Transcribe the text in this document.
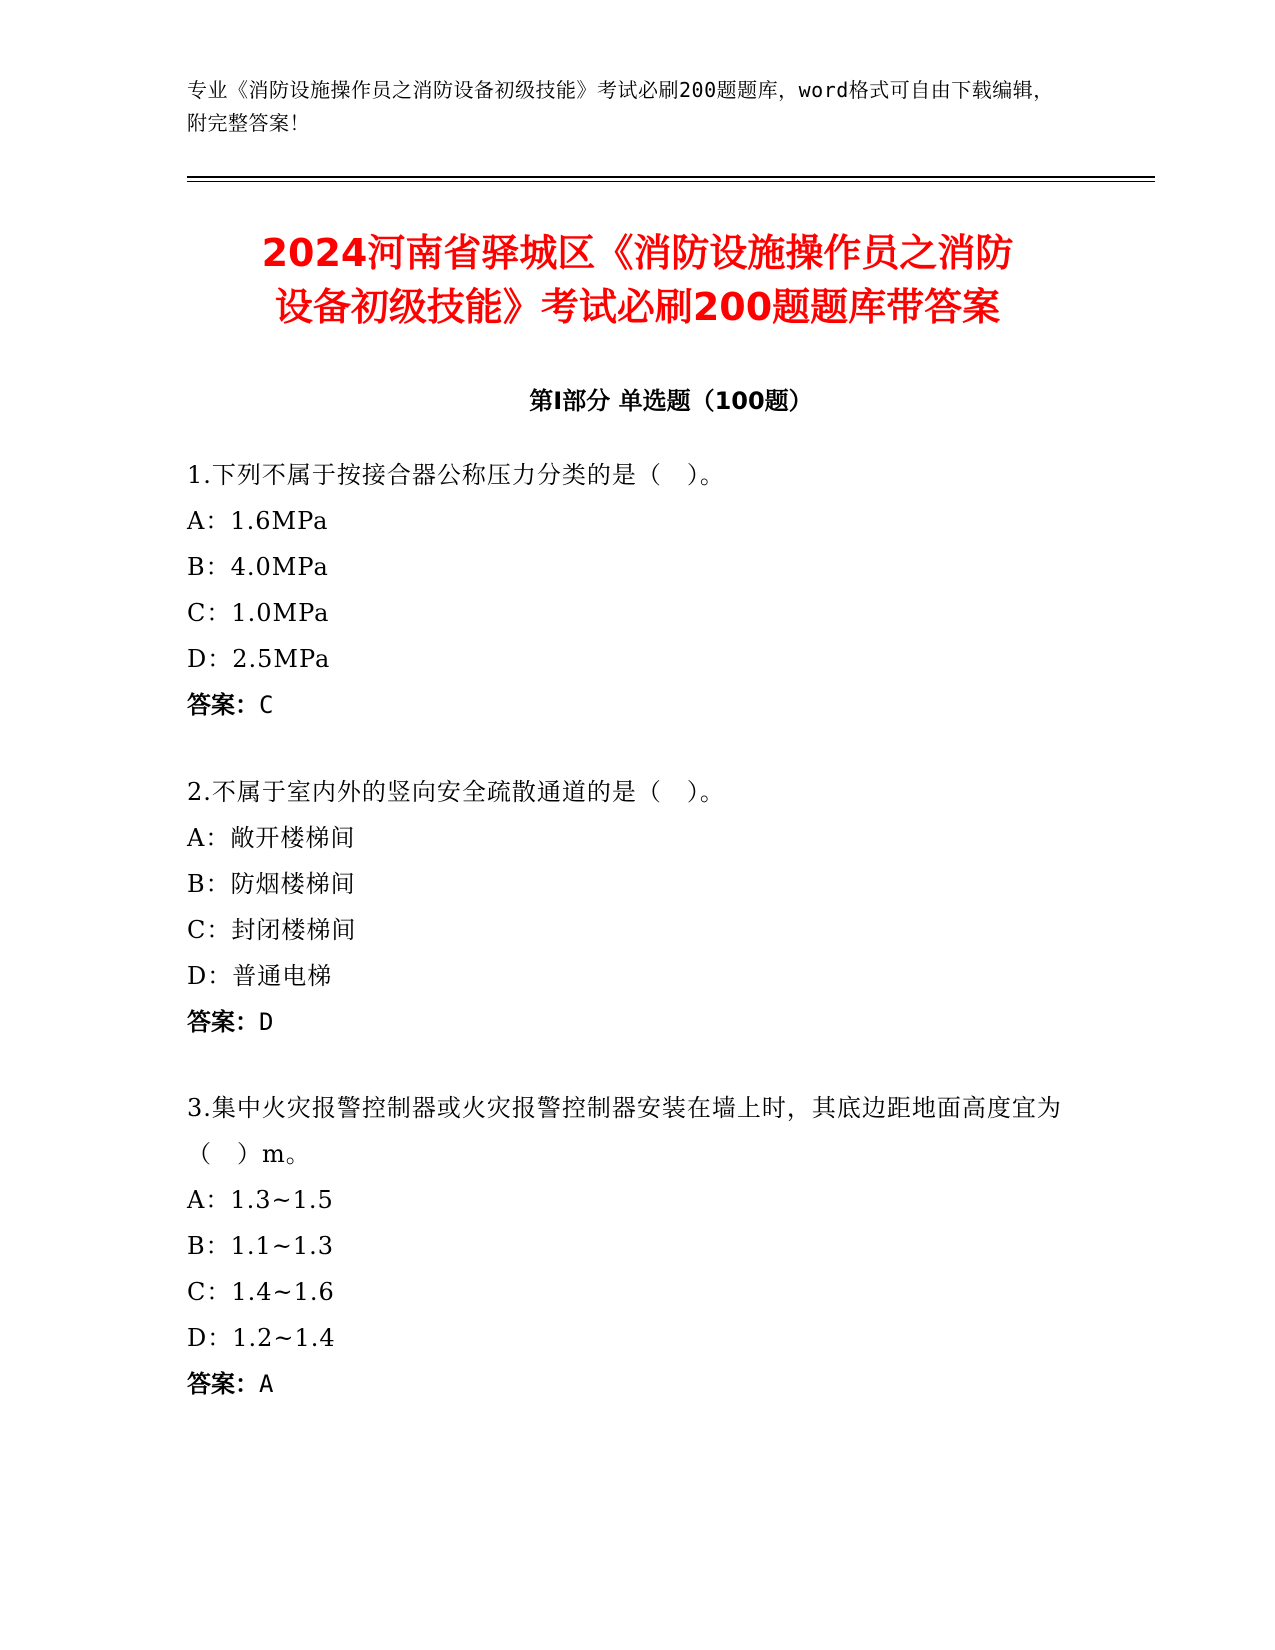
专业《消防设施操作员之消防设备初级技能》考试必刷200题题库，word格式可自由下载编辑，附完整答案！
2024河南省驿城区《消防设施操作员之消防
设备初级技能》考试必刷200题题库带答案
第Ⅰ部分 单选题（100题）
1.下列不属于按接合器公称压力分类的是（　）。
A：1.6MPa
B：4.0MPa
C：1.0MPa
D：2.5MPa
答案：C
2.不属于室内外的竖向安全疏散通道的是（　）。
A：敞开楼梯间
B：防烟楼梯间
C：封闭楼梯间
D：普通电梯
答案：D
3.集中火灾报警控制器或火灾报警控制器安装在墙上时，其底边距地面高度宜为（　）m。
A：1.3~1.5
B：1.1~1.3
C：1.4~1.6
D：1.2~1.4
答案：A
